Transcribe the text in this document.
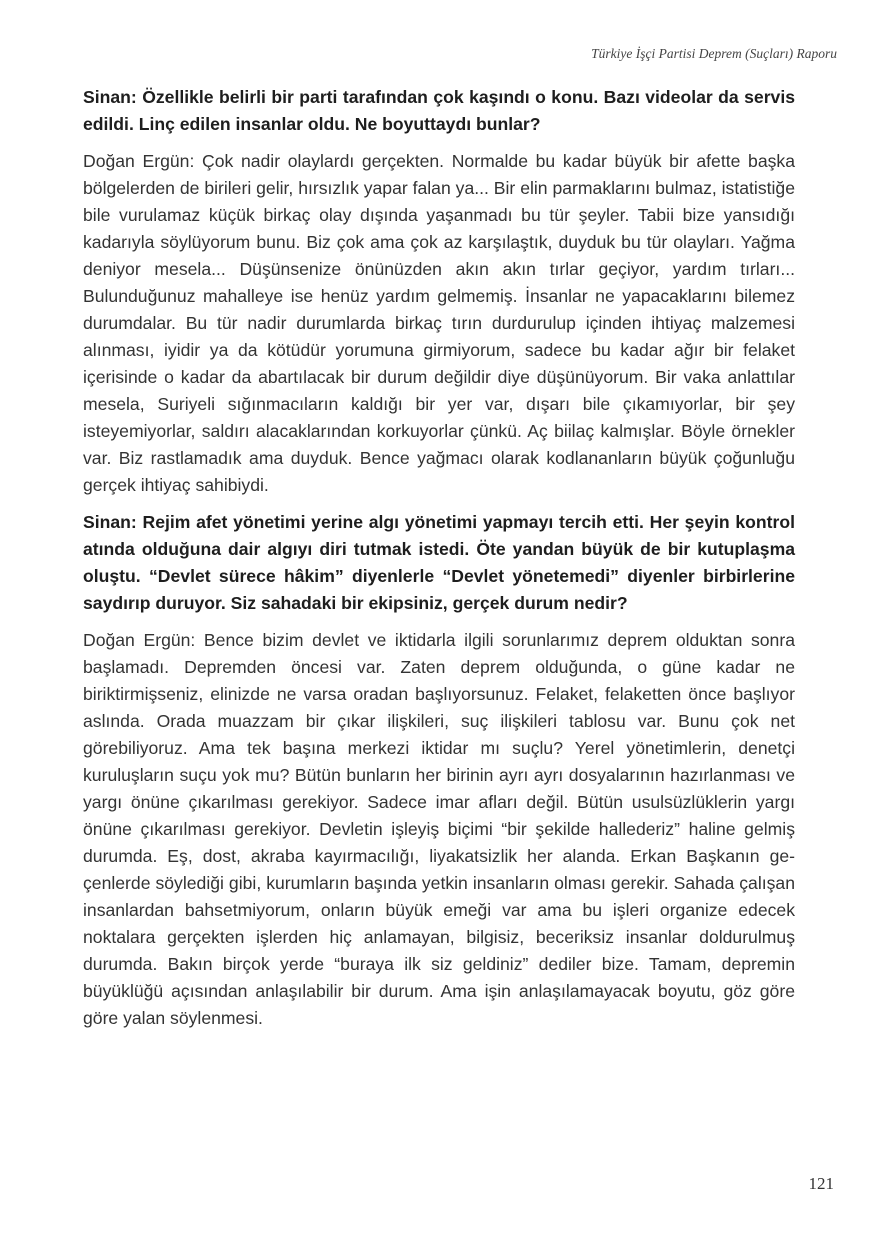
Türkiye İşçi Partisi Deprem (Suçları) Raporu

Sinan: Özellikle belirli bir parti tarafından çok kaşındı o konu. Bazı videolar da servis edildi. Linç edilen insanlar oldu. Ne boyuttaydı bunlar?

Doğan Ergün: Çok nadir olaylardı gerçekten. Normalde bu kadar büyük bir afette başka bölgelerden de birileri gelir, hırsızlık yapar falan ya... Bir elin parmaklarını bulmaz, istatistiğe bile vurulamaz küçük birkaç olay dışında yaşanmadı bu tür şeyler. Tabii bize yansıdığı kadarıyla söylüyorum bunu. Biz çok ama çok az karşılaştık, duyduk bu tür olayları. Yağma deniyor mesela... Düşünsenize önünüzden akın akın tırlar geçiyor, yardım tırları... Bulunduğunuz mahalleye ise henüz yardım gelmemiş. İnsanlar ne yapacaklarını bilemez durumdalar. Bu tür nadir durumlarda birkaç tırın durdurulup içinden ihtiyaç malzemesi alınması, iyidir ya da kötüdür yorumuna girmiyorum, sadece bu kadar ağır bir felaket içerisinde o kadar da abartılacak bir durum değildir diye düşünüyorum. Bir vaka anlattılar mesela, Suriyeli sığınmacıların kaldığı bir yer var, dışarı bile çıkamıyorlar, bir şey isteyemiyorlar, saldırı alacaklarından korkuyorlar çünkü. Aç biilaç kalmışlar. Böyle örnekler var. Biz rastlamadık ama duyduk. Bence yağmacı olarak kodlananların büyük çoğunluğu gerçek ihtiyaç sahibiydi.

Sinan: Rejim afet yönetimi yerine algı yönetimi yapmayı tercih etti. Her şeyin kontrol atında olduğuna dair algıyı diri tutmak istedi. Öte yandan büyük de bir kutuplaşma oluştu. “Devlet sürece hâkim” diyenlerle “Devlet yönetemedi” diyenler birbirlerine saydırıp duruyor. Siz sahadaki bir ekipsiniz, gerçek durum nedir?

Doğan Ergün: Bence bizim devlet ve iktidarla ilgili sorunlarımız deprem olduktan sonra başlamadı. Depremden öncesi var. Zaten deprem olduğunda, o güne kadar ne biriktirmişseniz, elinizde ne varsa oradan başlıyorsunuz. Felaket, felaketten önce başlıyor aslında. Orada muazzam bir çıkar ilişkileri, suç ilişkileri tablosu var. Bunu çok net görebiliyoruz. Ama tek başına merkezi iktidar mı suçlu? Yerel yönetimlerin, denetçi kuruluşların suçu yok mu? Bütün bunların her birinin ayrı ayrı dosyalarının hazırlanması ve yargı önüne çıkarılması gerekiyor. Sadece imar afları değil. Bütün usulsüzlüklerin yargı önüne çıkarılması gerekiyor. Devletin işleyiş biçimi “bir şekilde hallederiz” haline gelmiş durumda. Eş, dost, akraba kayırmacılığı, liyakatsizlik her alanda. Erkan Başkanın geçenlerde söylediği gibi, kurumların başında yetkin insanların olması gerekir. Sahada çalışan insanlardan bahsetmiyorum, onların büyük emeği var ama bu işleri organize edecek noktalara gerçekten işlerden hiç anlamayan, bilgisiz, beceriksiz insanlar doldurulmuş durumda. Bakın birçok yerde “buraya ilk siz geldiniz” dediler bize. Tamam, depremin büyüklüğü açısından anlaşılabilir bir durum. Ama işin anlaşılamayacak boyutu, göz göre göre yalan söylenmesi.

121
